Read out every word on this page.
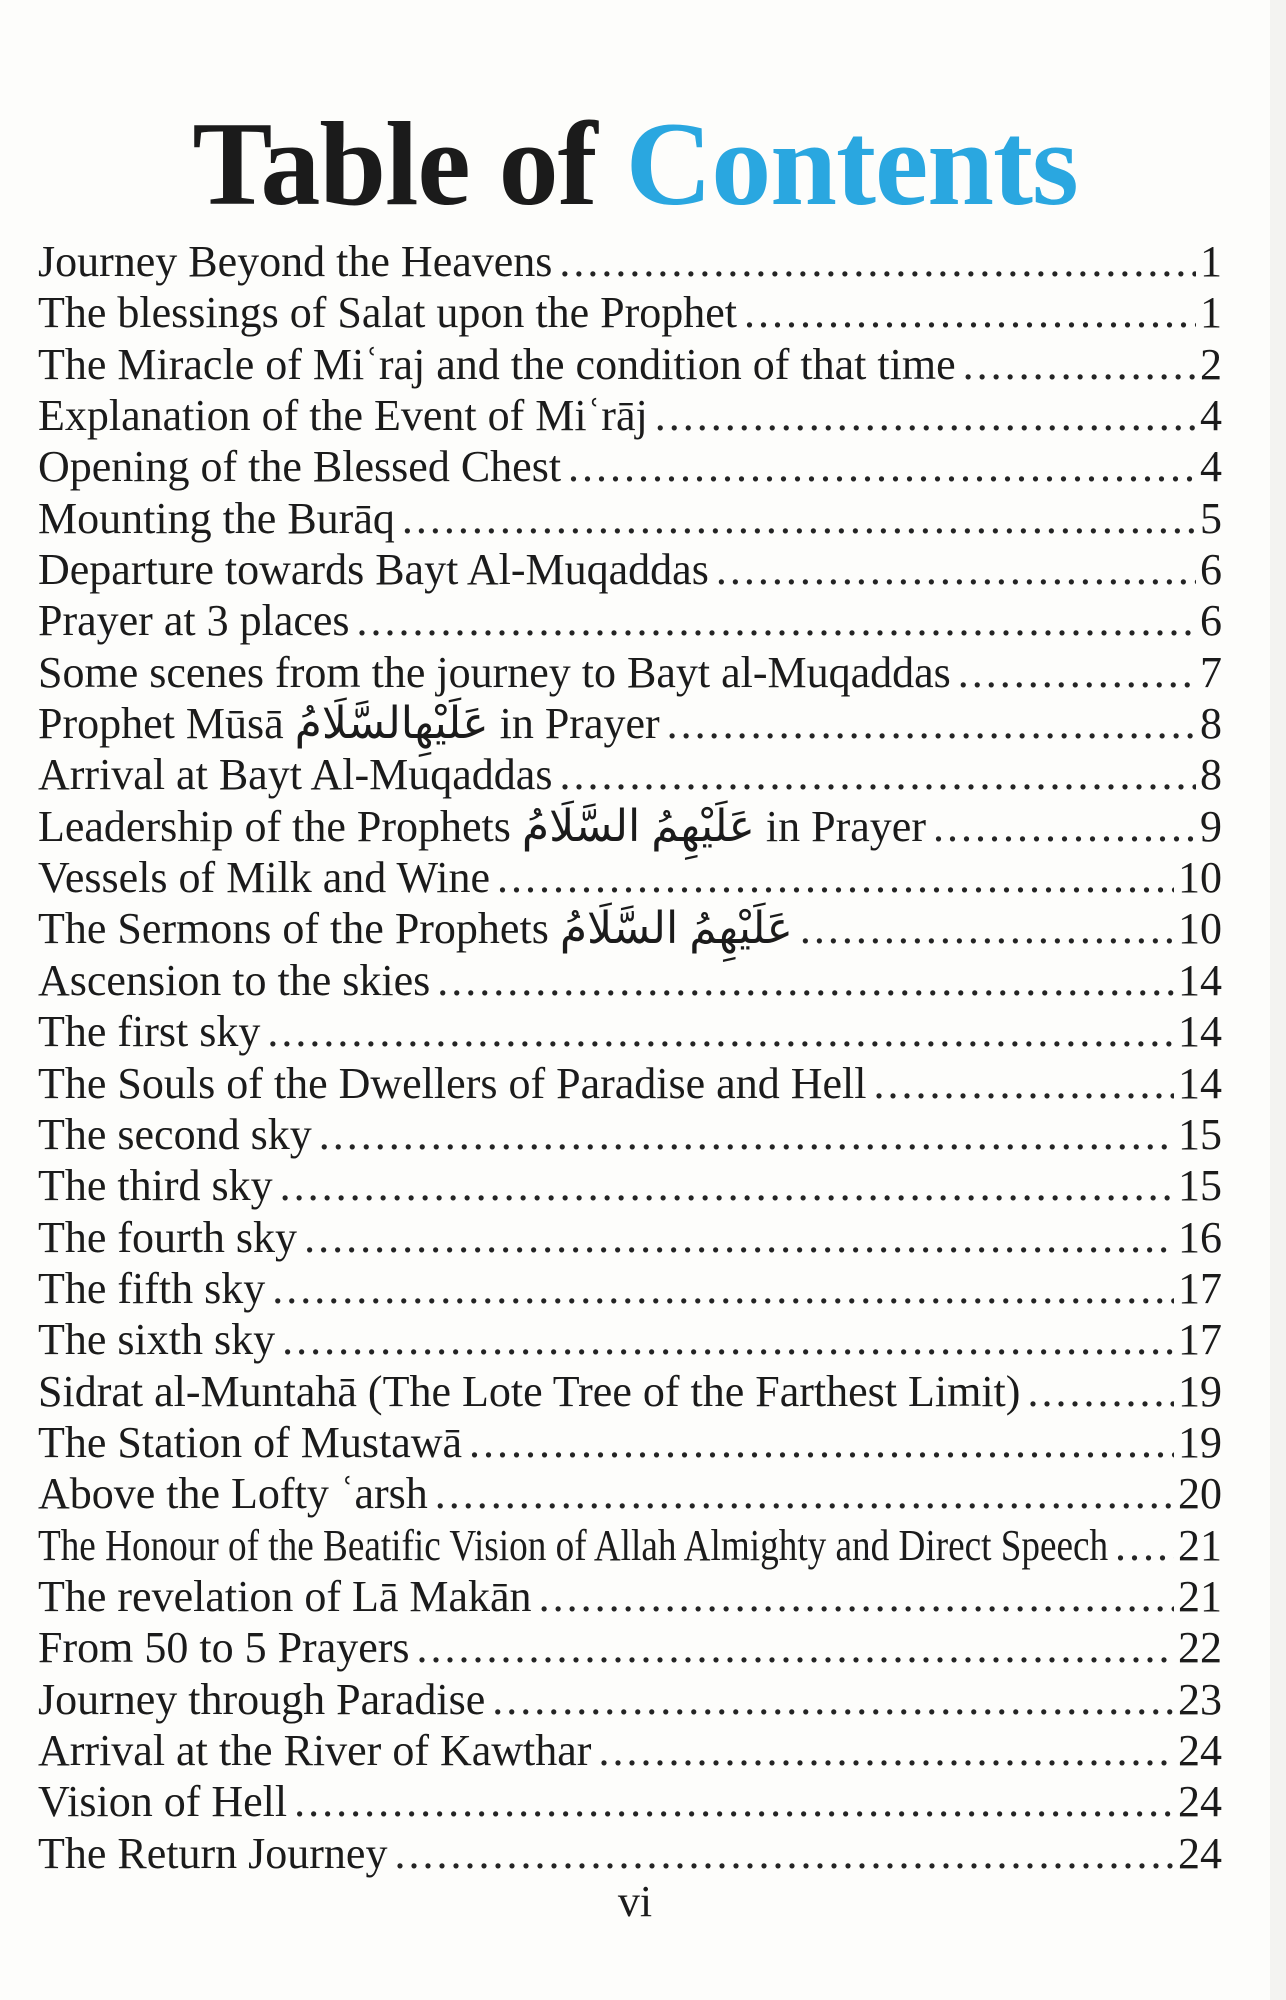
Table of Contents
Journey Beyond the Heavens .....	1
The blessings of Salat upon the Prophet .....	1
The Miracle of Miʿraj and the condition of that time .....	2
Explanation of the Event of Miʿrāj .....	4
Opening of the Blessed Chest .....	4
Mounting the Burāq .....	5
Departure towards Bayt Al-Muqaddas .....	6
Prayer at 3 places .....	6
Some scenes from the journey to Bayt al-Muqaddas .....	7
Prophet Mūsā عَلَيْهِالسَّلَامُ in Prayer .....	8
Arrival at Bayt Al-Muqaddas .....	8
Leadership of the Prophets عَلَيْهِمُ السَّلَامُ in Prayer .....	9
Vessels of Milk and Wine .....	10
The Sermons of the Prophets عَلَيْهِمُ السَّلَامُ .....	10
Ascension to the skies .....	14
The first sky .....	14
The Souls of the Dwellers of Paradise and Hell .....	14
The second sky .....	15
The third sky .....	15
The fourth sky .....	16
The fifth sky .....	17
The sixth sky .....	17
Sidrat al-Muntahā (The Lote Tree of the Farthest Limit) .....	19
The Station of Mustawā .....	19
Above the Lofty ʿarsh .....	20
The Honour of the Beatific Vision of Allah Almighty and Direct Speech ..... 21
The revelation of Lā Makān .....	21
From 50 to 5 Prayers .....	22
Journey through Paradise .....	23
Arrival at the River of Kawthar .....	24
Vision of Hell .....	24
The Return Journey .....	24
vi
